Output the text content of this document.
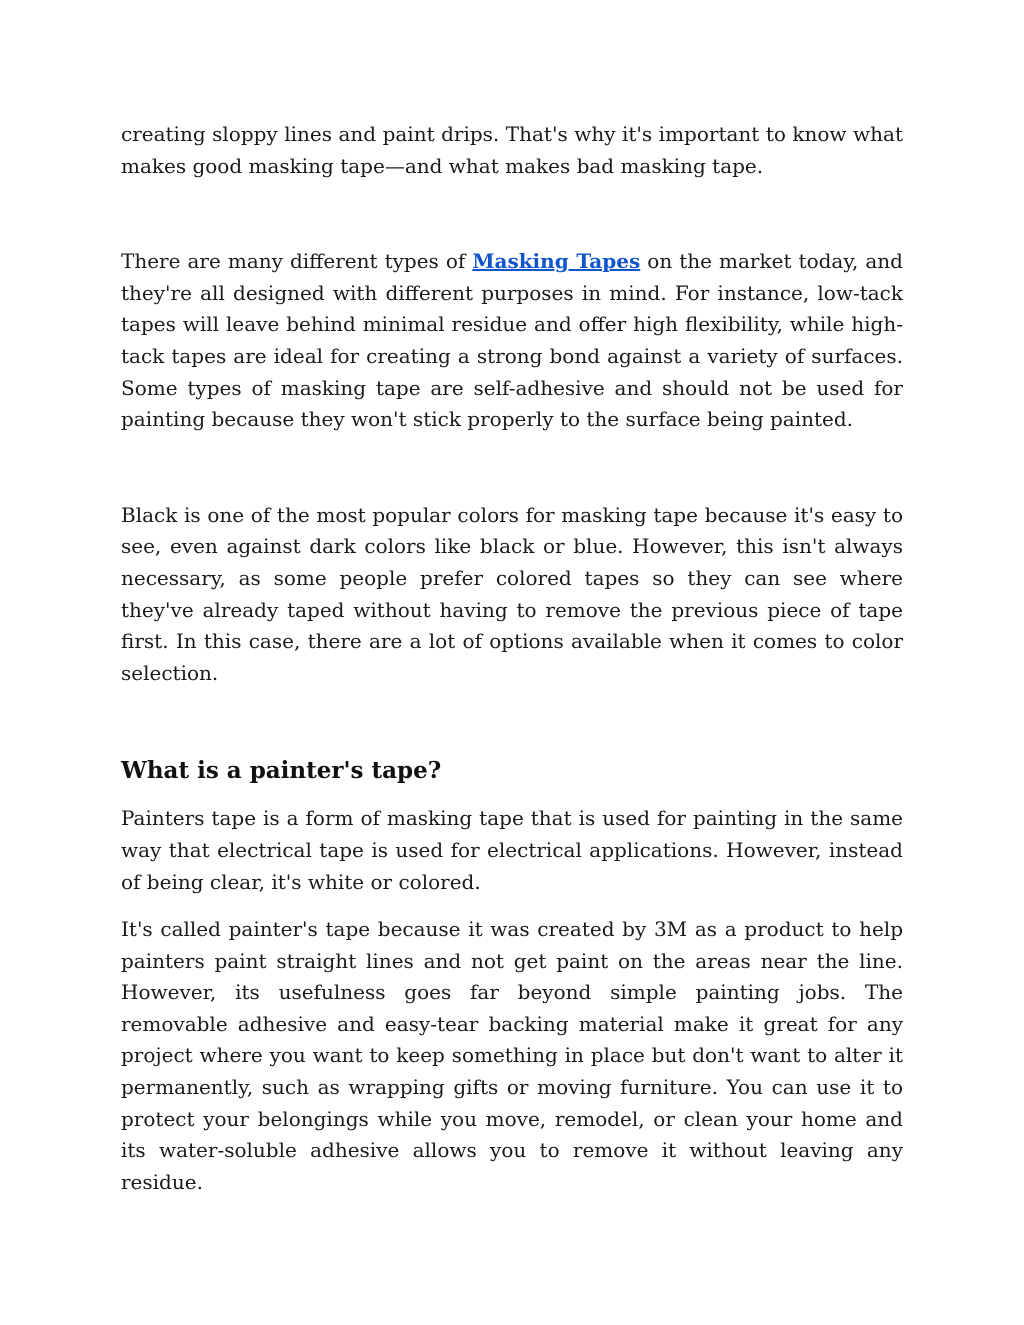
creating sloppy lines and paint drips. That's why it's important to know what makes good masking tape—and what makes bad masking tape.

There are many different types of Masking Tapes on the market today, and they're all designed with different purposes in mind. For instance, low-tack tapes will leave behind minimal residue and offer high flexibility, while high-tack tapes are ideal for creating a strong bond against a variety of surfaces. Some types of masking tape are self-adhesive and should not be used for painting because they won't stick properly to the surface being painted.

Black is one of the most popular colors for masking tape because it's easy to see, even against dark colors like black or blue. However, this isn't always necessary, as some people prefer colored tapes so they can see where they've already taped without having to remove the previous piece of tape first. In this case, there are a lot of options available when it comes to color selection.

What is a painter's tape?

Painters tape is a form of masking tape that is used for painting in the same way that electrical tape is used for electrical applications. However, instead of being clear, it's white or colored.

It's called painter's tape because it was created by 3M as a product to help painters paint straight lines and not get paint on the areas near the line. However, its usefulness goes far beyond simple painting jobs. The removable adhesive and easy-tear backing material make it great for any project where you want to keep something in place but don't want to alter it permanently, such as wrapping gifts or moving furniture. You can use it to protect your belongings while you move, remodel, or clean your home and its water-soluble adhesive allows you to remove it without leaving any residue.
